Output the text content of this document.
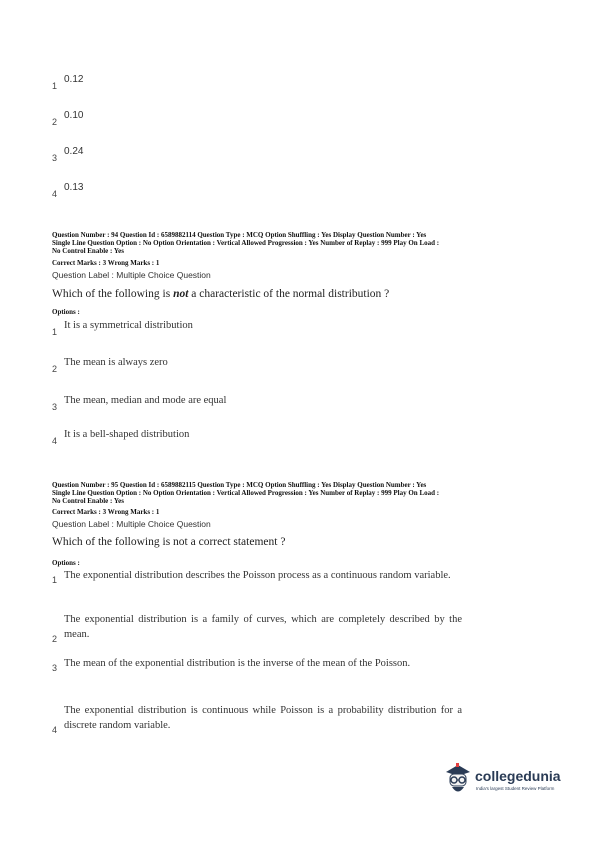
1
0.12
2
0.10
3
0.24
4
0.13
Question Number : 94 Question Id : 6589882114 Question Type : MCQ Option Shuffling : Yes Display Question Number : Yes
Single Line Question Option : No Option Orientation : Vertical Allowed Progression : Yes Number of Replay : 999 Play On Load :
No Control Enable : Yes
Correct Marks : 3 Wrong Marks : 1
Question Label : Multiple Choice Question
Which of the following is not a characteristic of the normal distribution ?
Options :
1
It is a symmetrical distribution
2
The mean is always zero
3
The mean, median and mode are equal
4
It is a bell-shaped distribution
Question Number : 95 Question Id : 6589882115 Question Type : MCQ Option Shuffling : Yes Display Question Number : Yes
Single Line Question Option : No Option Orientation : Vertical Allowed Progression : Yes Number of Replay : 999 Play On Load :
No Control Enable : Yes
Correct Marks : 3 Wrong Marks : 1
Question Label : Multiple Choice Question
Which of the following is not a correct statement ?
Options :
1 The exponential distribution describes the Poisson process as a continuous random variable.
2
The exponential distribution is a family of curves, which are completely described by the mean.
3 The mean of the exponential distribution is the inverse of the mean of the Poisson.
4
The exponential distribution is continuous while Poisson is a probability distribution for a discrete random variable.
collegedunia
India's largest Student Review Platform
